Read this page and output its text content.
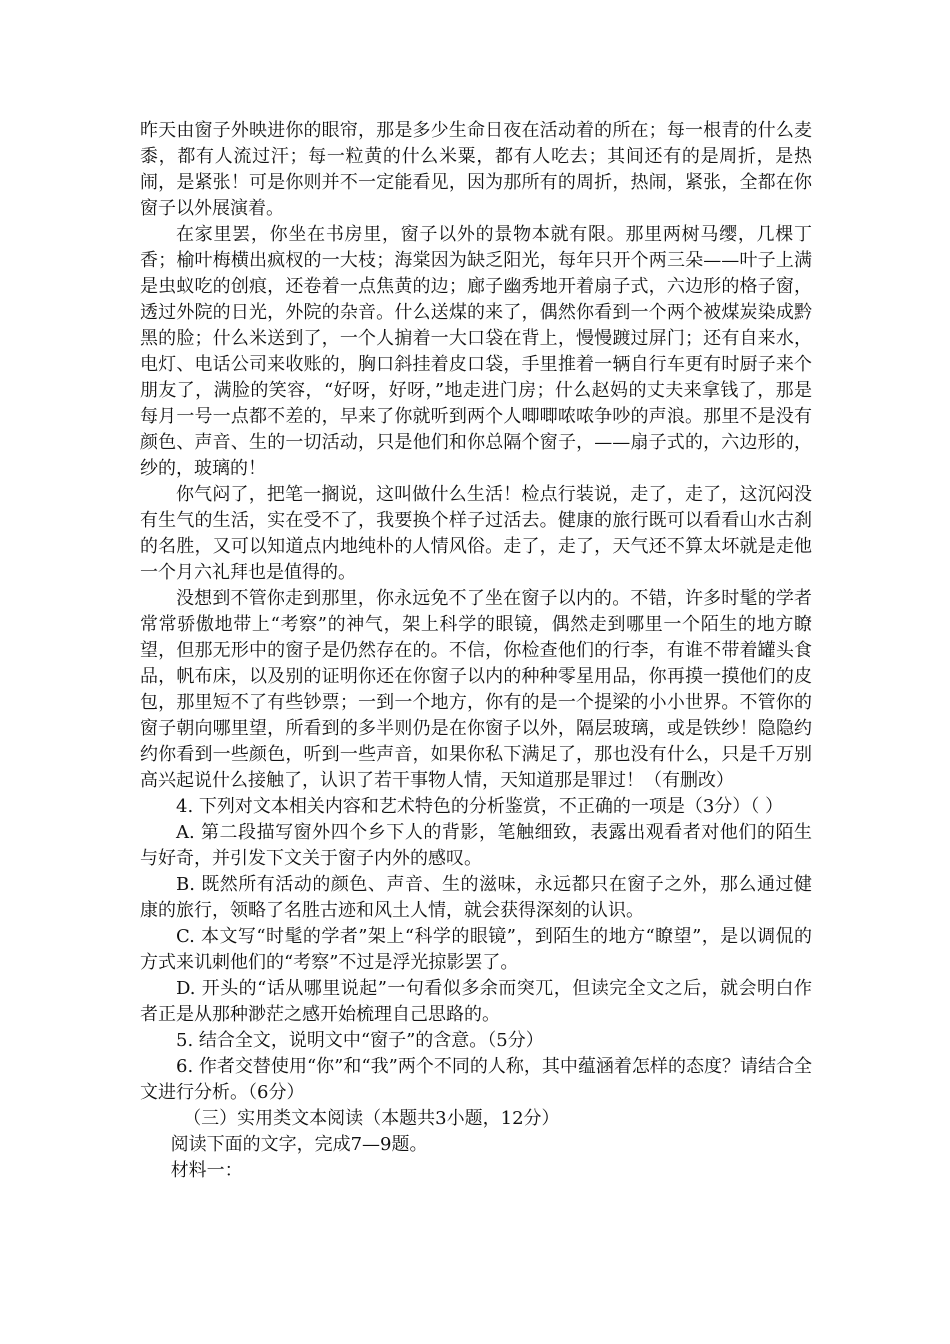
昨天由窗子外映进你的眼帘，那是多少生命日夜在活动着的所在；每一根青的什么麦黍，都有人流过汗；每一粒黄的什么米粟，都有人吃去；其间还有的是周折，是热闹，是紧张！可是你则并不一定能看见，因为那所有的周折，热闹，紧张，全都在你窗子以外展演着。

在家里罢，你坐在书房里，窗子以外的景物本就有限。那里两树马缨，几棵丁香；榆叶梅横出疯杈的一大枝；海棠因为缺乏阳光，每年只开个两三朵——叶子上满是虫蚁吃的创痕，还卷着一点焦黄的边；廊子幽秀地开着扇子式，六边形的格子窗，透过外院的日光，外院的杂音。什么送煤的来了，偶然你看到一个两个被煤炭染成黔黑的脸；什么米送到了，一个人掮着一大口袋在背上，慢慢踱过屏门；还有自来水，电灯、电话公司来收账的，胸口斜挂着皮口袋，手里推着一辆自行车更有时厨子来个朋友了，满脸的笑容，“好呀，好呀，”地走进门房；什么赵妈的丈夫来拿钱了，那是每月一号一点都不差的，早来了你就听到两个人唧唧哝哝争吵的声浪。那里不是没有颜色、声音、生的一切活动，只是他们和你总隔个窗子，——扇子式的，六边形的，纱的，玻璃的！

你气闷了，把笔一搁说，这叫做什么生活！检点行装说，走了，走了，这沉闷没有生气的生活，实在受不了，我要换个样子过活去。健康的旅行既可以看看山水古刹的名胜，又可以知道点内地纯朴的人情风俗。走了，走了，天气还不算太坏就是走他一个月六礼拜也是值得的。

没想到不管你走到那里，你永远免不了坐在窗子以内的。不错，许多时髦的学者常常骄傲地带上“考察”的神气，架上科学的眼镜，偶然走到哪里一个陌生的地方瞭望，但那无形中的窗子是仍然存在的。不信，你检查他们的行李，有谁不带着罐头食品，帆布床，以及别的证明你还在你窗子以内的种种零星用品，你再摸一摸他们的皮包，那里短不了有些钞票；一到一个地方，你有的是一个提梁的小小世界。不管你的窗子朝向哪里望，所看到的多半则仍是在你窗子以外，隔层玻璃，或是铁纱！隐隐约约你看到一些颜色，听到一些声音，如果你私下满足了，那也没有什么，只是千万别高兴起说什么接触了，认识了若干事物人情，天知道那是罪过！（有删改）

4. 下列对文本相关内容和艺术特色的分析鉴赏，不正确的一项是（3分）（ ）

A. 第二段描写窗外四个乡下人的背影，笔触细致，表露出观看者对他们的陌生与好奇，并引发下文关于窗子内外的感叹。

B. 既然所有活动的颜色、声音、生的滋味，永远都只在窗子之外，那么通过健康的旅行，领略了名胜古迹和风土人情，就会获得深刻的认识。

C. 本文写“时髦的学者”架上“科学的眼镜”，到陌生的地方“瞭望”，是以调侃的方式来讥刺他们的“考察”不过是浮光掠影罢了。

D. 开头的“话从哪里说起”一句看似多余而突兀，但读完全文之后，就会明白作者正是从那种渺茫之感开始梳理自己思路的。

5. 结合全文，说明文中“窗子”的含意。（5分）

6. 作者交替使用“你”和“我”两个不同的人称，其中蕴涵着怎样的态度？请结合全文进行分析。（6分）

（三）实用类文本阅读（本题共3小题，12分）

阅读下面的文字，完成7—9题。

材料一：
